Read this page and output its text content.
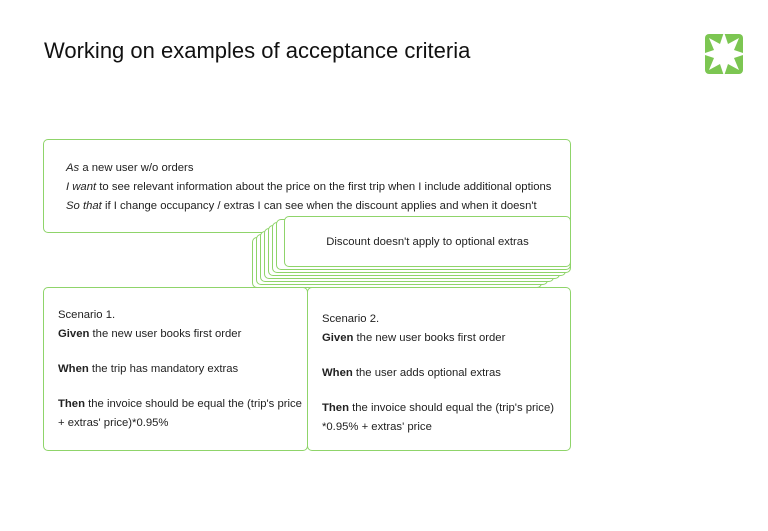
Working on examples of acceptance criteria
As a new user w/o orders
I want to see relevant information about the price on the first trip when I include additional options
So that if I change occupancy / extras I can see when the discount applies and when it doesn't
Discount doesn't apply to optional extras
Scenario 1.
Given the new user books first order
When the trip has mandatory extras
Then the invoice should be equal the (trip's price
+ extras' price)*0.95%
Scenario 2.
Given the new user books first order
When the user adds optional extras
Then the invoice should equal the (trip's price)
*0.95% + extras' price
